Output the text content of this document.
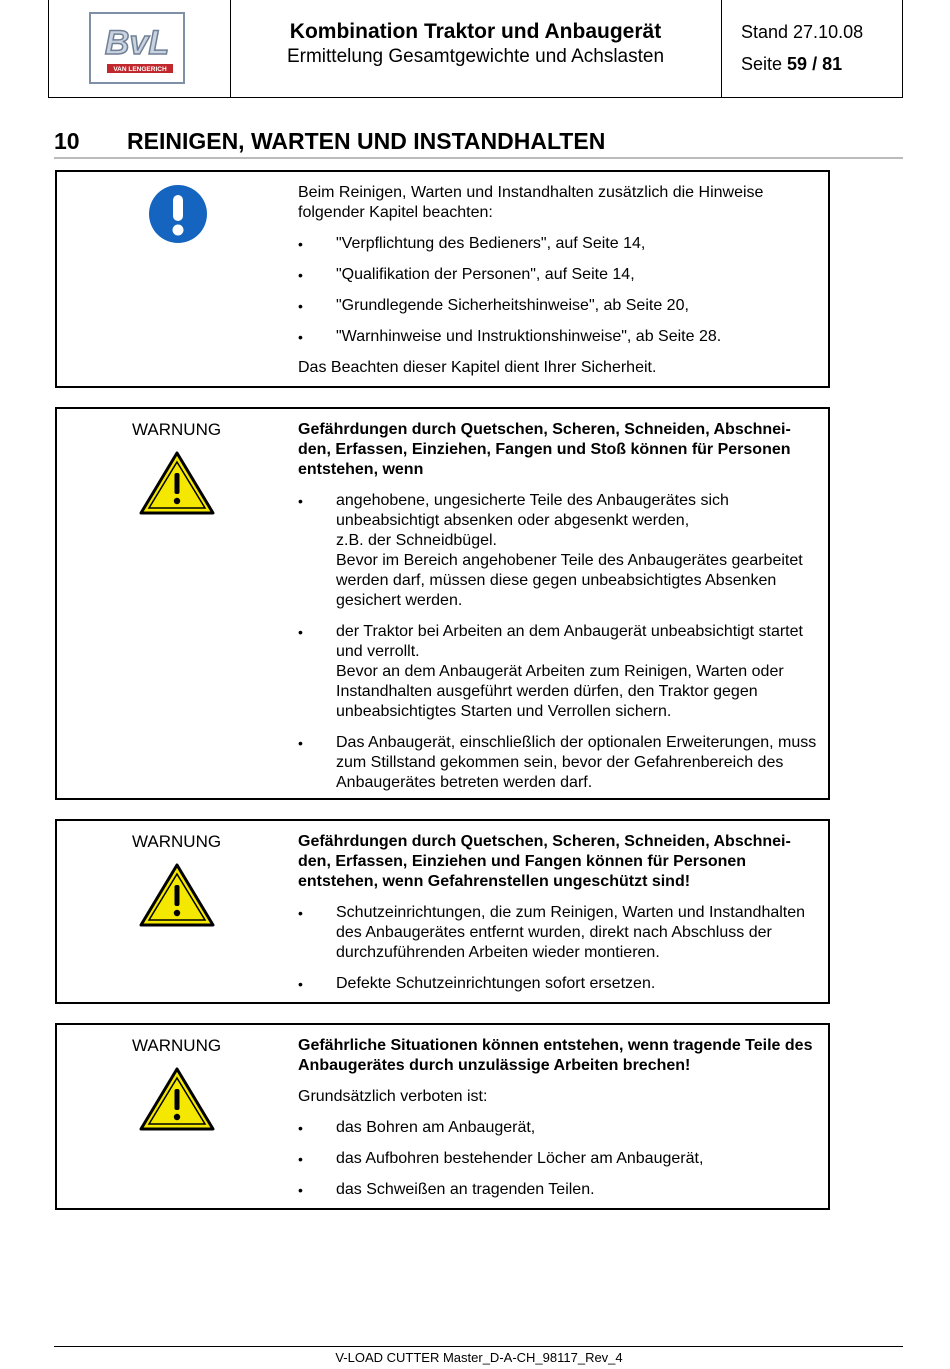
BvL
VAN LENGERICH
Kombination Traktor und Anbaugerät
Ermittelung Gesamtgewichte und Achslasten
Stand 27.10.08
Seite 59 / 81
10 REINIGEN, WARTEN UND INSTANDHALTEN

Beim Reinigen, Warten und Instandhalten zusätzlich die Hinweise folgender Kapitel beachten:

• "Verpflichtung des Bedieners", auf Seite 14,
• "Qualifikation der Personen", auf Seite 14,
• "Grundlegende Sicherheitshinweise", ab Seite 20,
• "Warnhinweise und Instruktionshinweise", ab Seite 28.

Das Beachten dieser Kapitel dient Ihrer Sicherheit.

WARNUNG	Gefährdungen durch Quetschen, Scheren, Schneiden, Abschnei-den, Erfassen, Einziehen, Fangen und Stoß können für Personen entstehen, wenn

• angehobene, ungesicherte Teile des Anbaugerätes sich unbeabsichtigt absenken oder abgesenkt werden,
z.B. der Schneidbügel.
Bevor im Bereich angehobener Teile des Anbaugerätes gearbeitet werden darf, müssen diese gegen unbeabsichtigtes Absenken gesichert werden.
• der Traktor bei Arbeiten an dem Anbaugerät unbeabsichtigt startet und verrollt.
Bevor an dem Anbaugerät Arbeiten zum Reinigen, Warten oder Instandhalten ausgeführt werden dürfen, den Traktor gegen unbeabsichtigtes Starten und Verrollen sichern.
• Das Anbaugerät, einschließlich der optionalen Erweiterungen, muss zum Stillstand gekommen sein, bevor der Gefahrenbereich des Anbaugerätes betreten werden darf.
WARNUNG	Gefährdungen durch Quetschen, Scheren, Schneiden, Abschnei-den, Erfassen, Einziehen und Fangen können für Personen entstehen, wenn Gefahrenstellen ungeschützt sind!

• Schutzeinrichtungen, die zum Reinigen, Warten und Instandhalten des Anbaugerätes entfernt wurden, direkt nach Abschluss der durchzuführenden Arbeiten wieder montieren.
• Defekte Schutzeinrichtungen sofort ersetzen.
WARNUNG	Gefährliche Situationen können entstehen, wenn tragende Teile des Anbaugerätes durch unzulässige Arbeiten brechen!

Grundsätzlich verboten ist:

• das Bohren am Anbaugerät,
• das Aufbohren bestehender Löcher am Anbaugerät,
• das Schweißen an tragenden Teilen.
V-LOAD CUTTER Master_D-A-CH_98117_Rev_4
